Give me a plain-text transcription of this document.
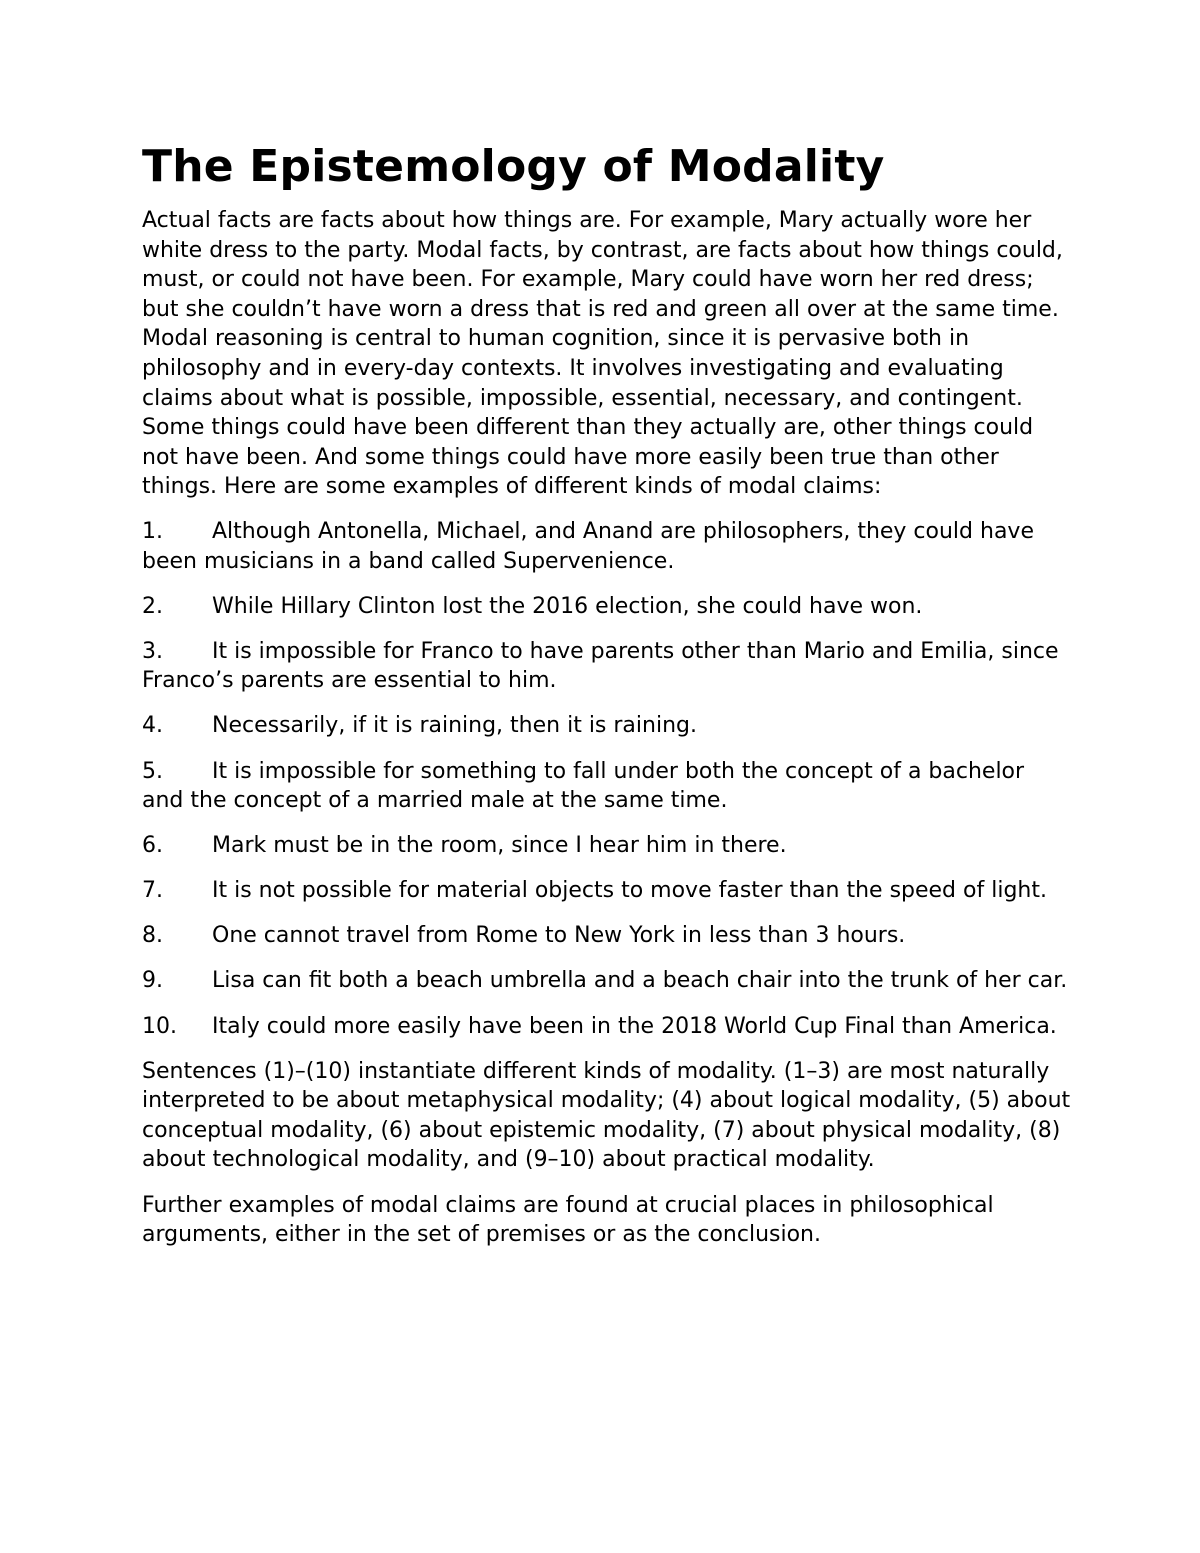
The Epistemology of Modality

Actual facts are facts about how things are. For example, Mary actually wore her white dress to the party. Modal facts, by contrast, are facts about how things could, must, or could not have been. For example, Mary could have worn her red dress; but she couldn’t have worn a dress that is red and green all over at the same time. Modal reasoning is central to human cognition, since it is pervasive both in philosophy and in every-day contexts. It involves investigating and evaluating claims about what is possible, impossible, essential, necessary, and contingent. Some things could have been different than they actually are, other things could not have been. And some things could have more easily been true than other things. Here are some examples of different kinds of modal claims:

1. Although Antonella, Michael, and Anand are philosophers, they could have been musicians in a band called Supervenience.
2. While Hillary Clinton lost the 2016 election, she could have won.
3. It is impossible for Franco to have parents other than Mario and Emilia, since Franco’s parents are essential to him.
4. Necessarily, if it is raining, then it is raining.
5. It is impossible for something to fall under both the concept of a bachelor and the concept of a married male at the same time.
6. Mark must be in the room, since I hear him in there.
7. It is not possible for material objects to move faster than the speed of light.
8. One cannot travel from Rome to New York in less than 3 hours.
9. Lisa can fit both a beach umbrella and a beach chair into the trunk of her car.
10. Italy could more easily have been in the 2018 World Cup Final than America.

Sentences (1)–(10) instantiate different kinds of modality. (1–3) are most naturally interpreted to be about metaphysical modality; (4) about logical modality, (5) about conceptual modality, (6) about epistemic modality, (7) about physical modality, (8) about technological modality, and (9–10) about practical modality.

Further examples of modal claims are found at crucial places in philosophical arguments, either in the set of premises or as the conclusion.
